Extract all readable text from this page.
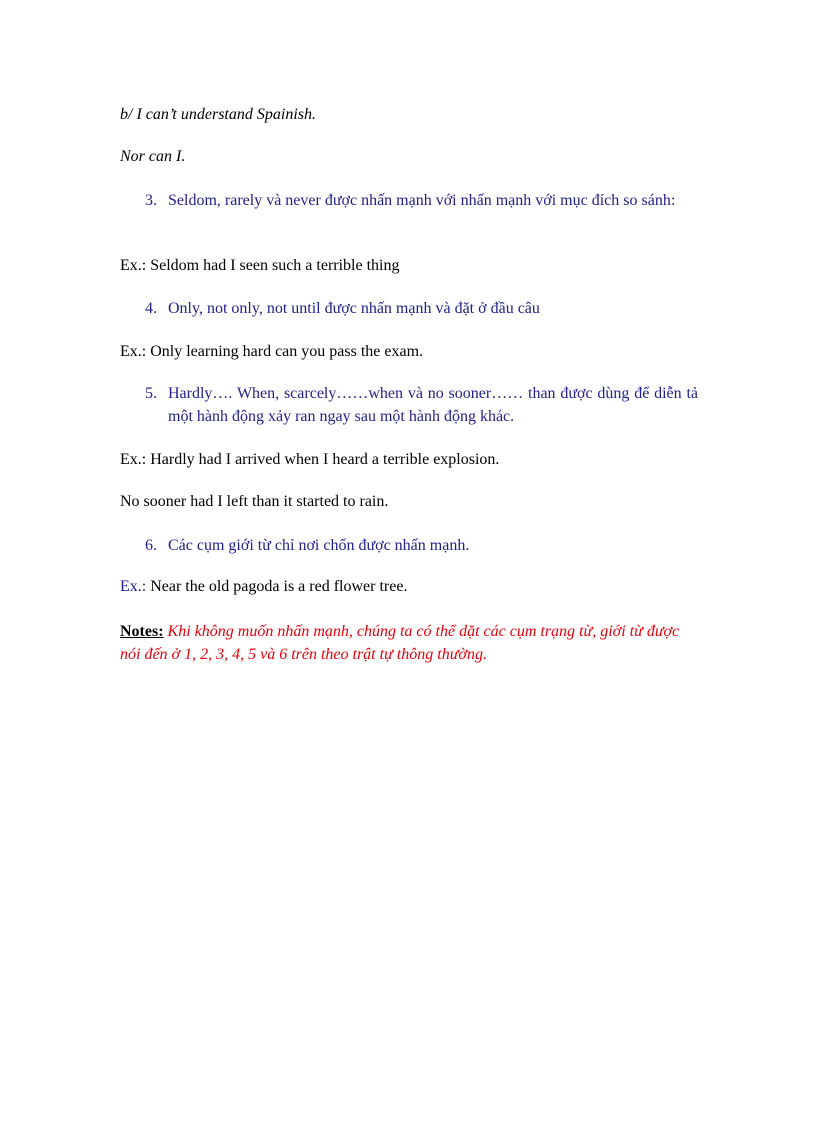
b/ I can’t understand Spainish.
Nor can I.
3. Seldom, rarely và never được nhấn mạnh với nhấn mạnh với mục đích so sánh:
Ex.: Seldom had I seen such a terrible thing
4. Only, not only, not until được nhấn mạnh và đặt ở đầu câu
Ex.: Only learning hard can you pass the exam.
5. Hardly…. When, scarcely……when và no sooner…… than được dùng để diễn tả một hành động xảy ran ngay sau một hành động khác.
Ex.: Hardly had I arrived when I heard a terrible explosion.
No sooner had I left than it started to rain.
6. Các cụm giới từ chỉ nơi chốn được nhấn mạnh.
Ex.: Near the old pagoda is a red flower tree.
Notes: Khi không muốn nhấn mạnh, chúng ta có thể dặt các cụm trạng từ, giới từ được nói đến ở 1, 2, 3, 4, 5 và 6 trên theo trật tự thông thường.
